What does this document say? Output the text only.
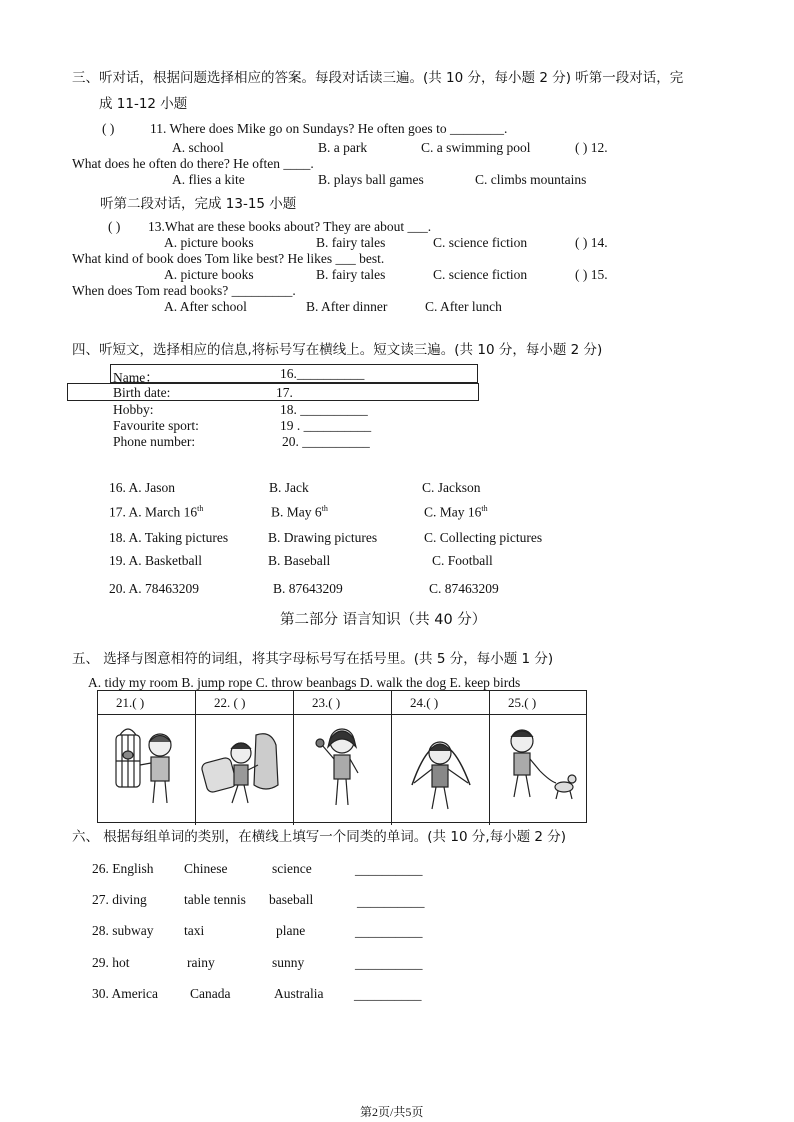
三、听对话，根据问题选择相应的答案。每段对话读三遍。(共 10 分，每小题 2 分) 听第一段对话，完
成 11-12 小题
( )	11. Where does Mike go on Sundays? He often goes to ________.
A. school	B. a park	C. a swimming pool	( ) 12.
What does he often do there? He often ____.
A. flies a kite	B. plays ball games	C. climbs mountains
听第二段对话，完成 13-15 小题
( ) 13.What are these books about? They are about ___.
A. picture books	B. fairy tales	C. science fiction	( ) 14.
What kind of book does Tom like best? He likes ___ best.
A. picture books	B. fairy tales	C. science fiction	( ) 15.
When does Tom read books? _________.
A. After school	B. After dinner	C. After lunch
四、听短文，选择相应的信息,将标号写在横线上。短文读三遍。(共 10 分，每小题 2 分)
Name：	16.__________
Birth date:	17.
Hobby:	18. __________
Favourite sport:	19 . __________
Phone number:	20. __________
16. A. Jason	B. Jack	C. Jackson
17. A. March 16th	B. May 6th	C. May 16th
18. A. Taking pictures	B. Drawing pictures	C. Collecting pictures
19. A. Basketball	B. Baseball	C. Football
20. A. 78463209	B. 87643209	C. 87463209
第二部分 语言知识（共 40 分）
五、 选择与图意相符的词组，将其字母标号写在括号里。(共 5 分，每小题 1 分)
A. tidy my room B. jump rope C. throw beanbags D. walk the dog E. keep birds
21.( )	22. ( )	23.( )	24.( )	25.( )
六、 根据每组单词的类别，在横线上填写一个同类的单词。(共 10 分,每小题 2 分)
26. English Chinese	science	__________
27. diving	table tennis baseball	__________
28. subway taxi	plane	__________
29. hot	rainy	sunny	__________
30. America Canada	Australia __________
第2页/共5页
